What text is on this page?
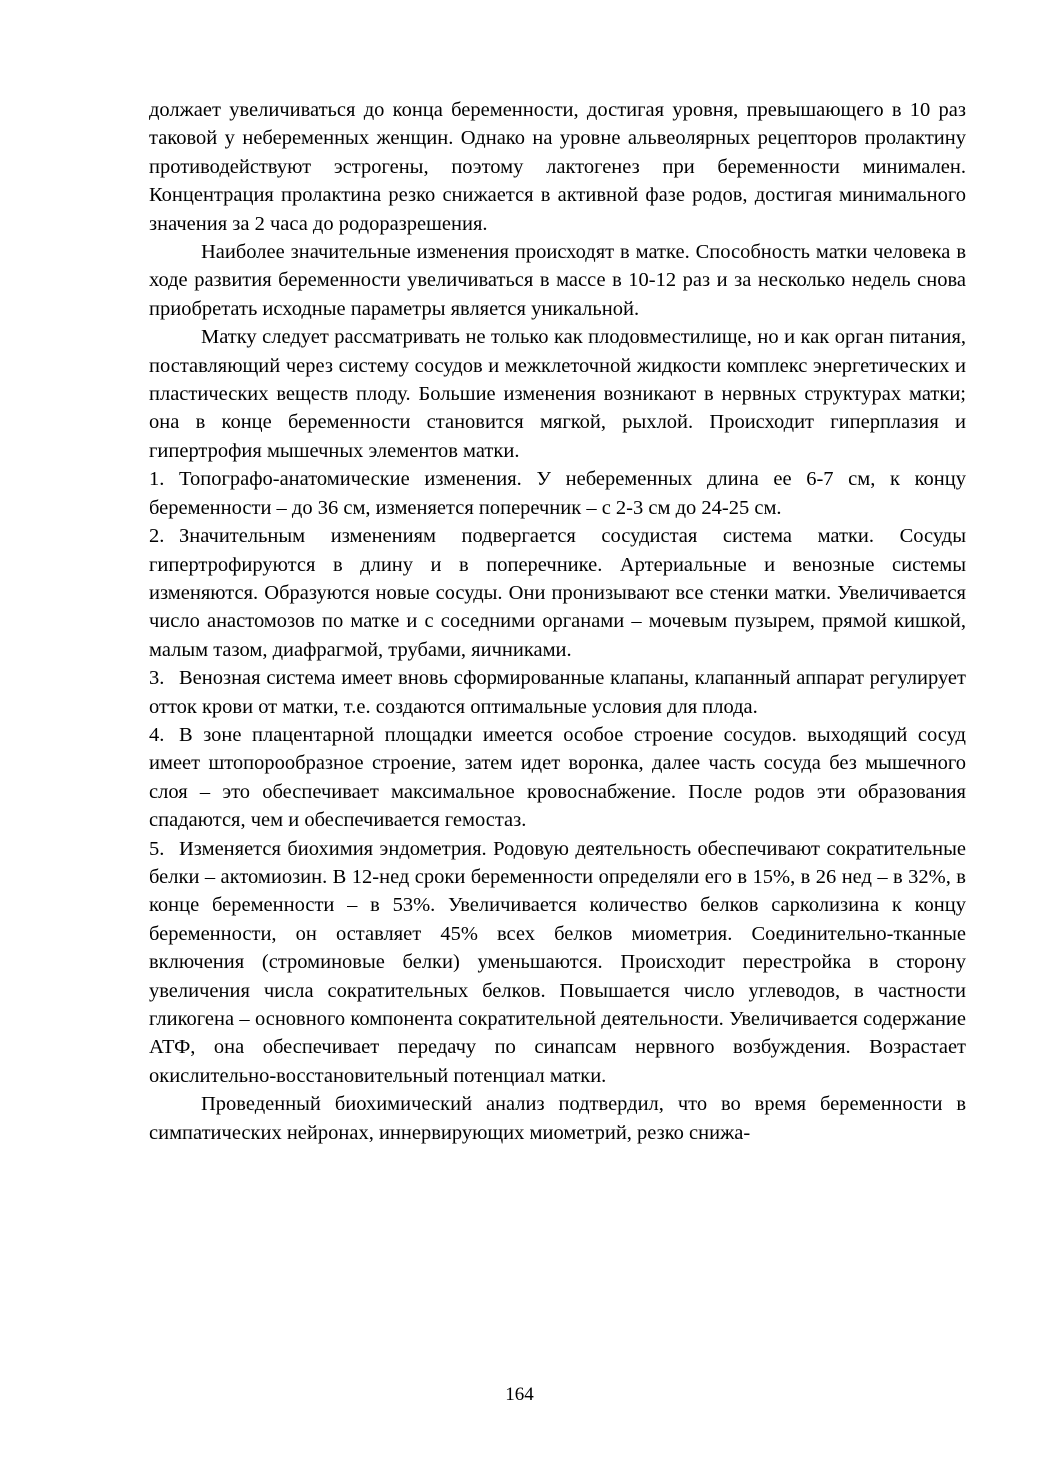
должает увеличиваться до конца беременности, достигая уровня, превышающего в 10 раз таковой у небеременных женщин. Однако на уровне альвеолярных рецепторов пролактину противодействуют эстрогены, поэтому лактогенез при беременности минимален. Концентрация пролактина резко снижается в активной фазе родов, достигая минимального значения за 2 часа до родоразрешения.

Наиболее значительные изменения происходят в матке. Способность матки человека в ходе развития беременности увеличиваться в массе в 10-12 раз и за несколько недель снова приобретать исходные параметры является уникальной.

Матку следует рассматривать не только как плодовместилище, но и как орган питания, поставляющий через систему сосудов и межклеточной жидкости комплекс энергетических и пластических веществ плоду. Большие изменения возникают в нервных структурах матки; она в конце беременности становится мягкой, рыхлой. Происходит гиперплазия и гипертрофия мышечных элементов матки.

1. Топографо-анатомические изменения. У небеременных длина ее 6-7 см, к концу беременности – до 36 см, изменяется поперечник – с 2-3 см до 24-25 см.

2. Значительным изменениям подвергается сосудистая система матки. Сосуды гипертрофируются в длину и в поперечнике. Артериальные и венозные системы изменяются. Образуются новые сосуды. Они пронизывают все стенки матки. Увеличивается число анастомозов по матке и с соседними органами – мочевым пузырем, прямой кишкой, малым тазом, диафрагмой, трубами, яичниками.

3. Венозная система имеет вновь сформированные клапаны, клапанный аппарат регулирует отток крови от матки, т.е. создаются оптимальные условия для плода.

4. В зоне плацентарной площадки имеется особое строение сосудов. выходящий сосуд имеет штопорообразное строение, затем идет воронка, далее часть сосуда без мышечного слоя – это обеспечивает максимальное кровоснабжение. После родов эти образования спадаются, чем и обеспечивается гемостаз.

5. Изменяется биохимия эндометрия. Родовую деятельность обеспечивают сократительные белки – актомиозин. В 12-нед сроки беременности определяли его в 15%, в 26 нед – в 32%, в конце беременности – в 53%. Увеличивается количество белков сарколизина к концу беременности, он оставляет 45% всех белков миометрия. Соединительно-тканные включения (строминовые белки) уменьшаются. Происходит перестройка в сторону увеличения числа сократительных белков. Повышается число углеводов, в частности гликогена – основного компонента сократительной деятельности. Увеличивается содержание АТФ, она обеспечивает передачу по синапсам нервного возбуждения. Возрастает окислительно-восстановительный потенциал матки.

Проведенный биохимический анализ подтвердил, что во время беременности в симпатических нейронах, иннервирующих миометрий, резко снижа-

164
